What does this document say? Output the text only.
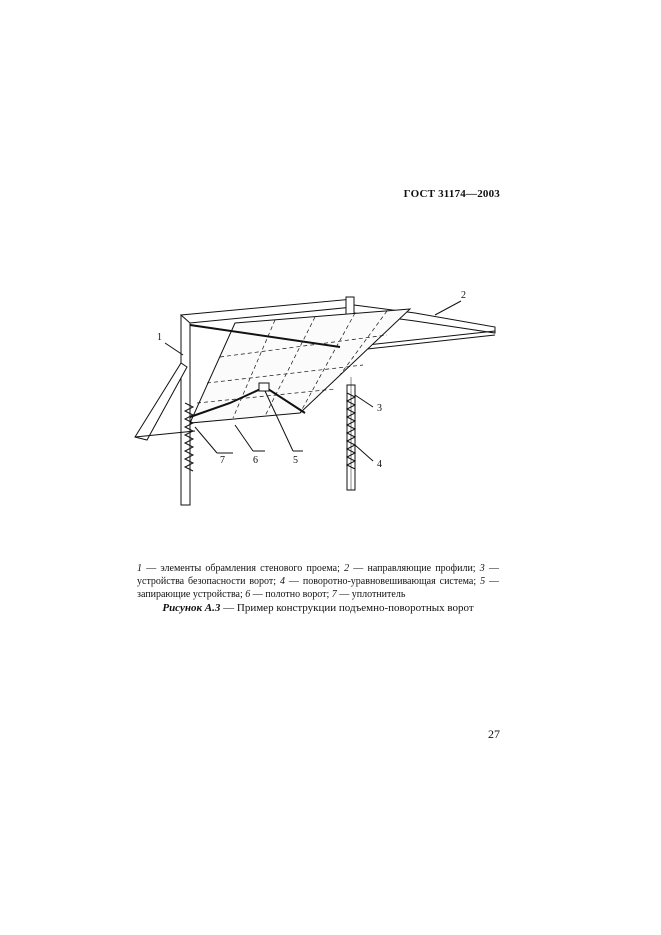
ГОСТ 31174—2003
1
2
3
4
5
6
7
1 — элементы обрамления стенового проема; 2 — направляющие профили; 3 — устройства безопасности ворот; 4 — поворотно-уравновешивающая система; 5 — запирающие устройства; 6 — полотно ворот; 7 — уплотнитель
Рисунок А.3 — Пример конструкции подъемно-поворотных ворот
27
